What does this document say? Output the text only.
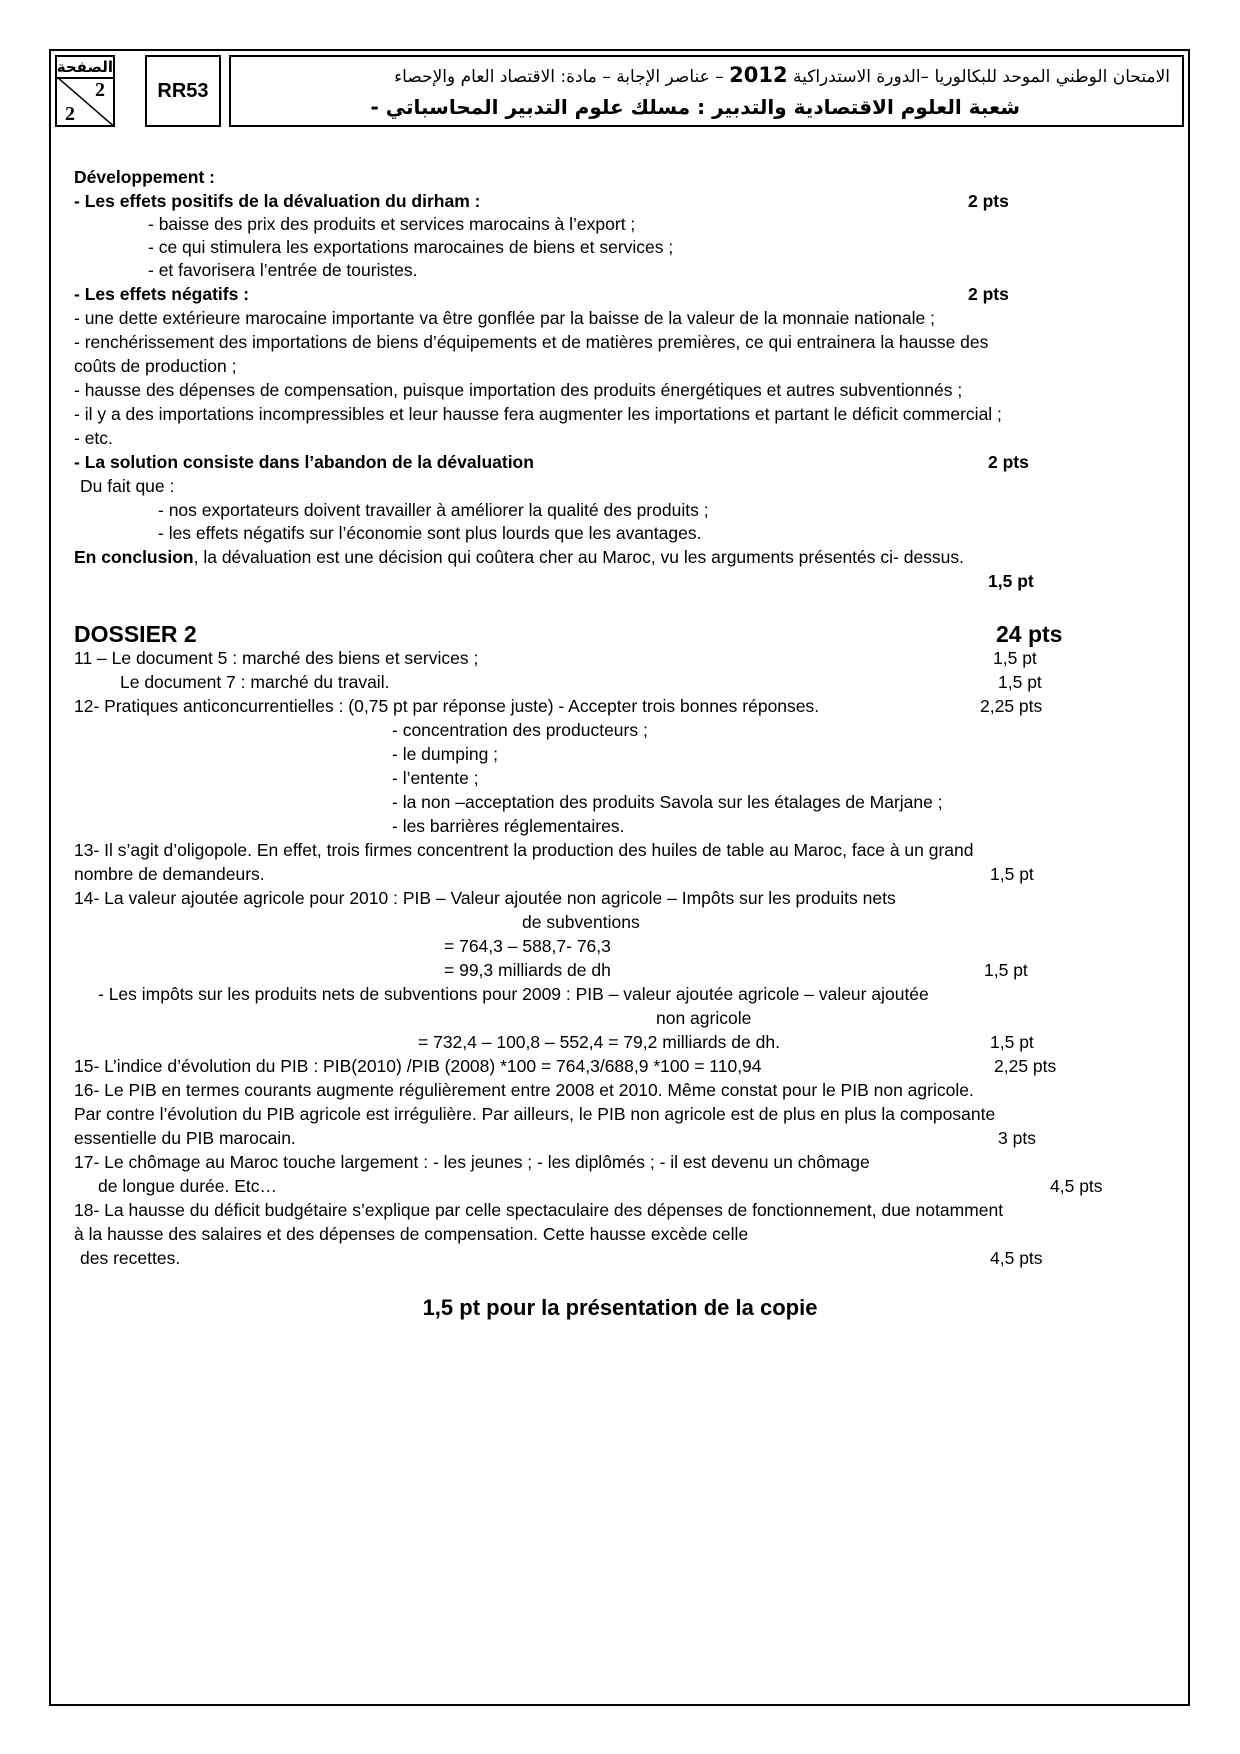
الصفحة
2
2
RR53
الامتحان الوطني الموحد للبكالوريا –الدورة الاستدراكية 2012 – عناصر الإجابة – مادة: الاقتصاد العام والإحصاء
شعبة العلوم الاقتصادية والتدبير : مسلك علوم التدبير المحاسباتي -
Développement :
- Les effets positifs de la dévaluation du dirham :	2 pts
- baisse des prix des produits et services marocains à l’export ;
- ce qui stimulera les exportations marocaines de biens et services ;
- et favorisera l’entrée de touristes.
- Les effets négatifs :	2 pts
- une dette extérieure marocaine importante va être gonflée par la baisse de la valeur de la monnaie nationale ;
- renchérissement des importations de biens d’équipements et de matières premières, ce qui entrainera la hausse des
coûts de production ;
- hausse des dépenses de compensation, puisque importation des produits énergétiques et autres subventionnés ;
- il y a des importations incompressibles et leur hausse fera augmenter les importations et partant le déficit commercial ;
- etc.
- La solution consiste dans l’abandon de la dévaluation	2 pts
Du fait que :
- nos exportateurs doivent travailler à améliorer la qualité des produits ;
- les effets négatifs sur l’économie sont plus lourds que les avantages.
En conclusion, la dévaluation est une décision qui coûtera cher au Maroc, vu les arguments présentés ci- dessus.
1,5 pt
DOSSIER 2	24 pts
11 – Le document 5 : marché des biens et services ;	1,5 pt
Le document 7 : marché du travail.	1,5 pt
12- Pratiques anticoncurrentielles : (0,75 pt par réponse juste) - Accepter trois bonnes réponses.	2,25 pts
- concentration des producteurs ;
- le dumping ;
- l’entente ;
- la non –acceptation des produits Savola sur les étalages de Marjane ;
- les barrières réglementaires.
13- Il s’agit d’oligopole. En effet, trois firmes concentrent la production des huiles de table au Maroc, face à un grand
nombre de demandeurs.	1,5 pt
14- La valeur ajoutée agricole pour 2010 : PIB – Valeur ajoutée non agricole – Impôts sur les produits nets
de subventions
= 764,3 – 588,7- 76,3
= 99,3 milliards de dh	1,5 pt
- Les impôts sur les produits nets de subventions pour 2009 : PIB – valeur ajoutée agricole – valeur ajoutée
non agricole
= 732,4 – 100,8 – 552,4 = 79,2 milliards de dh.	1,5 pt
15- L’indice d’évolution du PIB : PIB(2010) /PIB (2008) *100 = 764,3/688,9 *100 = 110,94	2,25 pts
16- Le PIB en termes courants augmente régulièrement entre 2008 et 2010. Même constat pour le PIB non agricole.
Par contre l’évolution du PIB agricole est irrégulière. Par ailleurs, le PIB non agricole est de plus en plus la composante
essentielle du PIB marocain.	3 pts
17- Le chômage au Maroc touche largement : - les jeunes ; - les diplômés ; - il est devenu un chômage
de longue durée. Etc…	4,5 pts
18- La hausse du déficit budgétaire s’explique par celle spectaculaire des dépenses de fonctionnement, due notamment
à la hausse des salaires et des dépenses de compensation. Cette hausse excède celle
des recettes.	4,5 pts
1,5 pt pour la présentation de la copie
